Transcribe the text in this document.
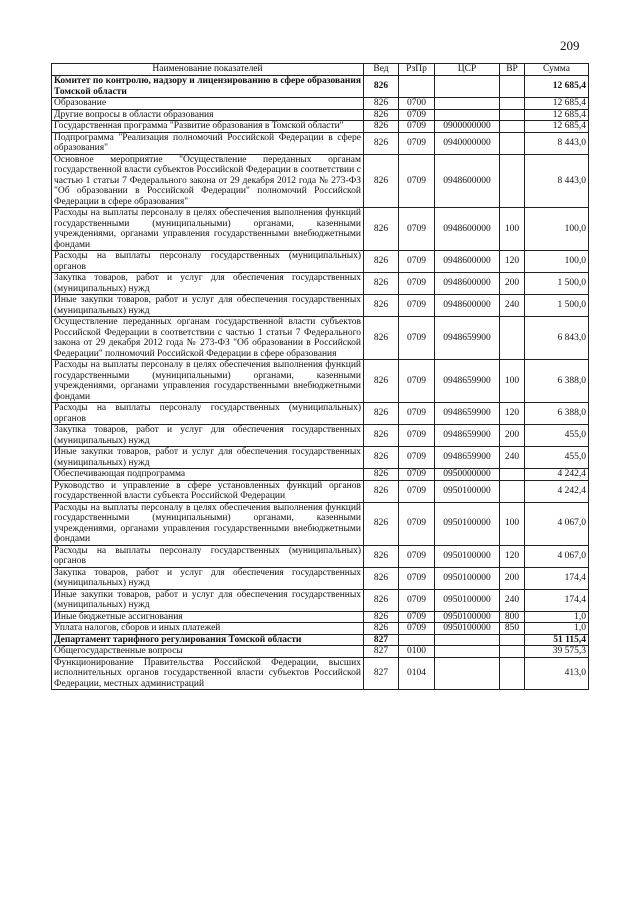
209
Наименование показателей	Вед	РзПр	ЦСР	ВР	Сумма
Комитет по контролю, надзору и лицензированию в сфере образования Томской области	826				12 685,4
Образование	826	0700			12 685,4
Другие вопросы в области образования	826	0709			12 685,4
Государственная программа "Развитие образования в Томской области"	826	0709	0900000000		12 685,4
Подпрограмма "Реализация полномочий Российской Федерации в сфере образования"	826	0709	0940000000		8 443,0
Основное мероприятие "Осуществление переданных органам государственной власти субъектов Российской Федерации в соответствии с частью 1 статьи 7 Федерального закона от 29 декабря 2012 года № 273-ФЗ "Об образовании в Российской Федерации" полномочий Российской Федерации в сфере образования"	826	0709	0948600000		8 443,0
Расходы на выплаты персоналу в целях обеспечения выполнения функций государственными (муниципальными) органами, казенными учреждениями, органами управления государственными внебюджетными фондами	826	0709	0948600000	100	100,0
Расходы на выплаты персоналу государственных (муниципальных) органов	826	0709	0948600000	120	100,0
Закупка товаров, работ и услуг для обеспечения государственных (муниципальных) нужд	826	0709	0948600000	200	1 500,0
Иные закупки товаров, работ и услуг для обеспечения государственных (муниципальных) нужд	826	0709	0948600000	240	1 500,0
Осуществление переданных органам государственной власти субъектов Российской Федерации в соответствии с частью 1 статьи 7 Федерального закона от 29 декабря 2012 года № 273-ФЗ "Об образовании в Российской Федерации" полномочий Российской Федерации в сфере образования	826	0709	0948659900		6 843,0
Расходы на выплаты персоналу в целях обеспечения выполнения функций государственными (муниципальными) органами, казенными учреждениями, органами управления государственными внебюджетными фондами	826	0709	0948659900	100	6 388,0
Расходы на выплаты персоналу государственных (муниципальных) органов	826	0709	0948659900	120	6 388,0
Закупка товаров, работ и услуг для обеспечения государственных (муниципальных) нужд	826	0709	0948659900	200	455,0
Иные закупки товаров, работ и услуг для обеспечения государственных (муниципальных) нужд	826	0709	0948659900	240	455,0
Обеспечивающая подпрограмма	826	0709	0950000000		4 242,4
Руководство и управление в сфере установленных функций органов государственной власти субъекта Российской Федерации	826	0709	0950100000		4 242,4
Расходы на выплаты персоналу в целях обеспечения выполнения функций государственными (муниципальными) органами, казенными учреждениями, органами управления государственными внебюджетными фондами	826	0709	0950100000	100	4 067,0
Расходы на выплаты персоналу государственных (муниципальных) органов	826	0709	0950100000	120	4 067,0
Закупка товаров, работ и услуг для обеспечения государственных (муниципальных) нужд	826	0709	0950100000	200	174,4
Иные закупки товаров, работ и услуг для обеспечения государственных (муниципальных) нужд	826	0709	0950100000	240	174,4
Иные бюджетные ассигнования	826	0709	0950100000	800	1,0
Уплата налогов, сборов и иных платежей	826	0709	0950100000	850	1,0
Департамент тарифного регулирования Томской области	827				51 115,4
Общегосударственные вопросы	827	0100			39 575,3
Функционирование Правительства Российской Федерации, высших исполнительных органов государственной власти субъектов Российской Федерации, местных администраций	827	0104			413,0
